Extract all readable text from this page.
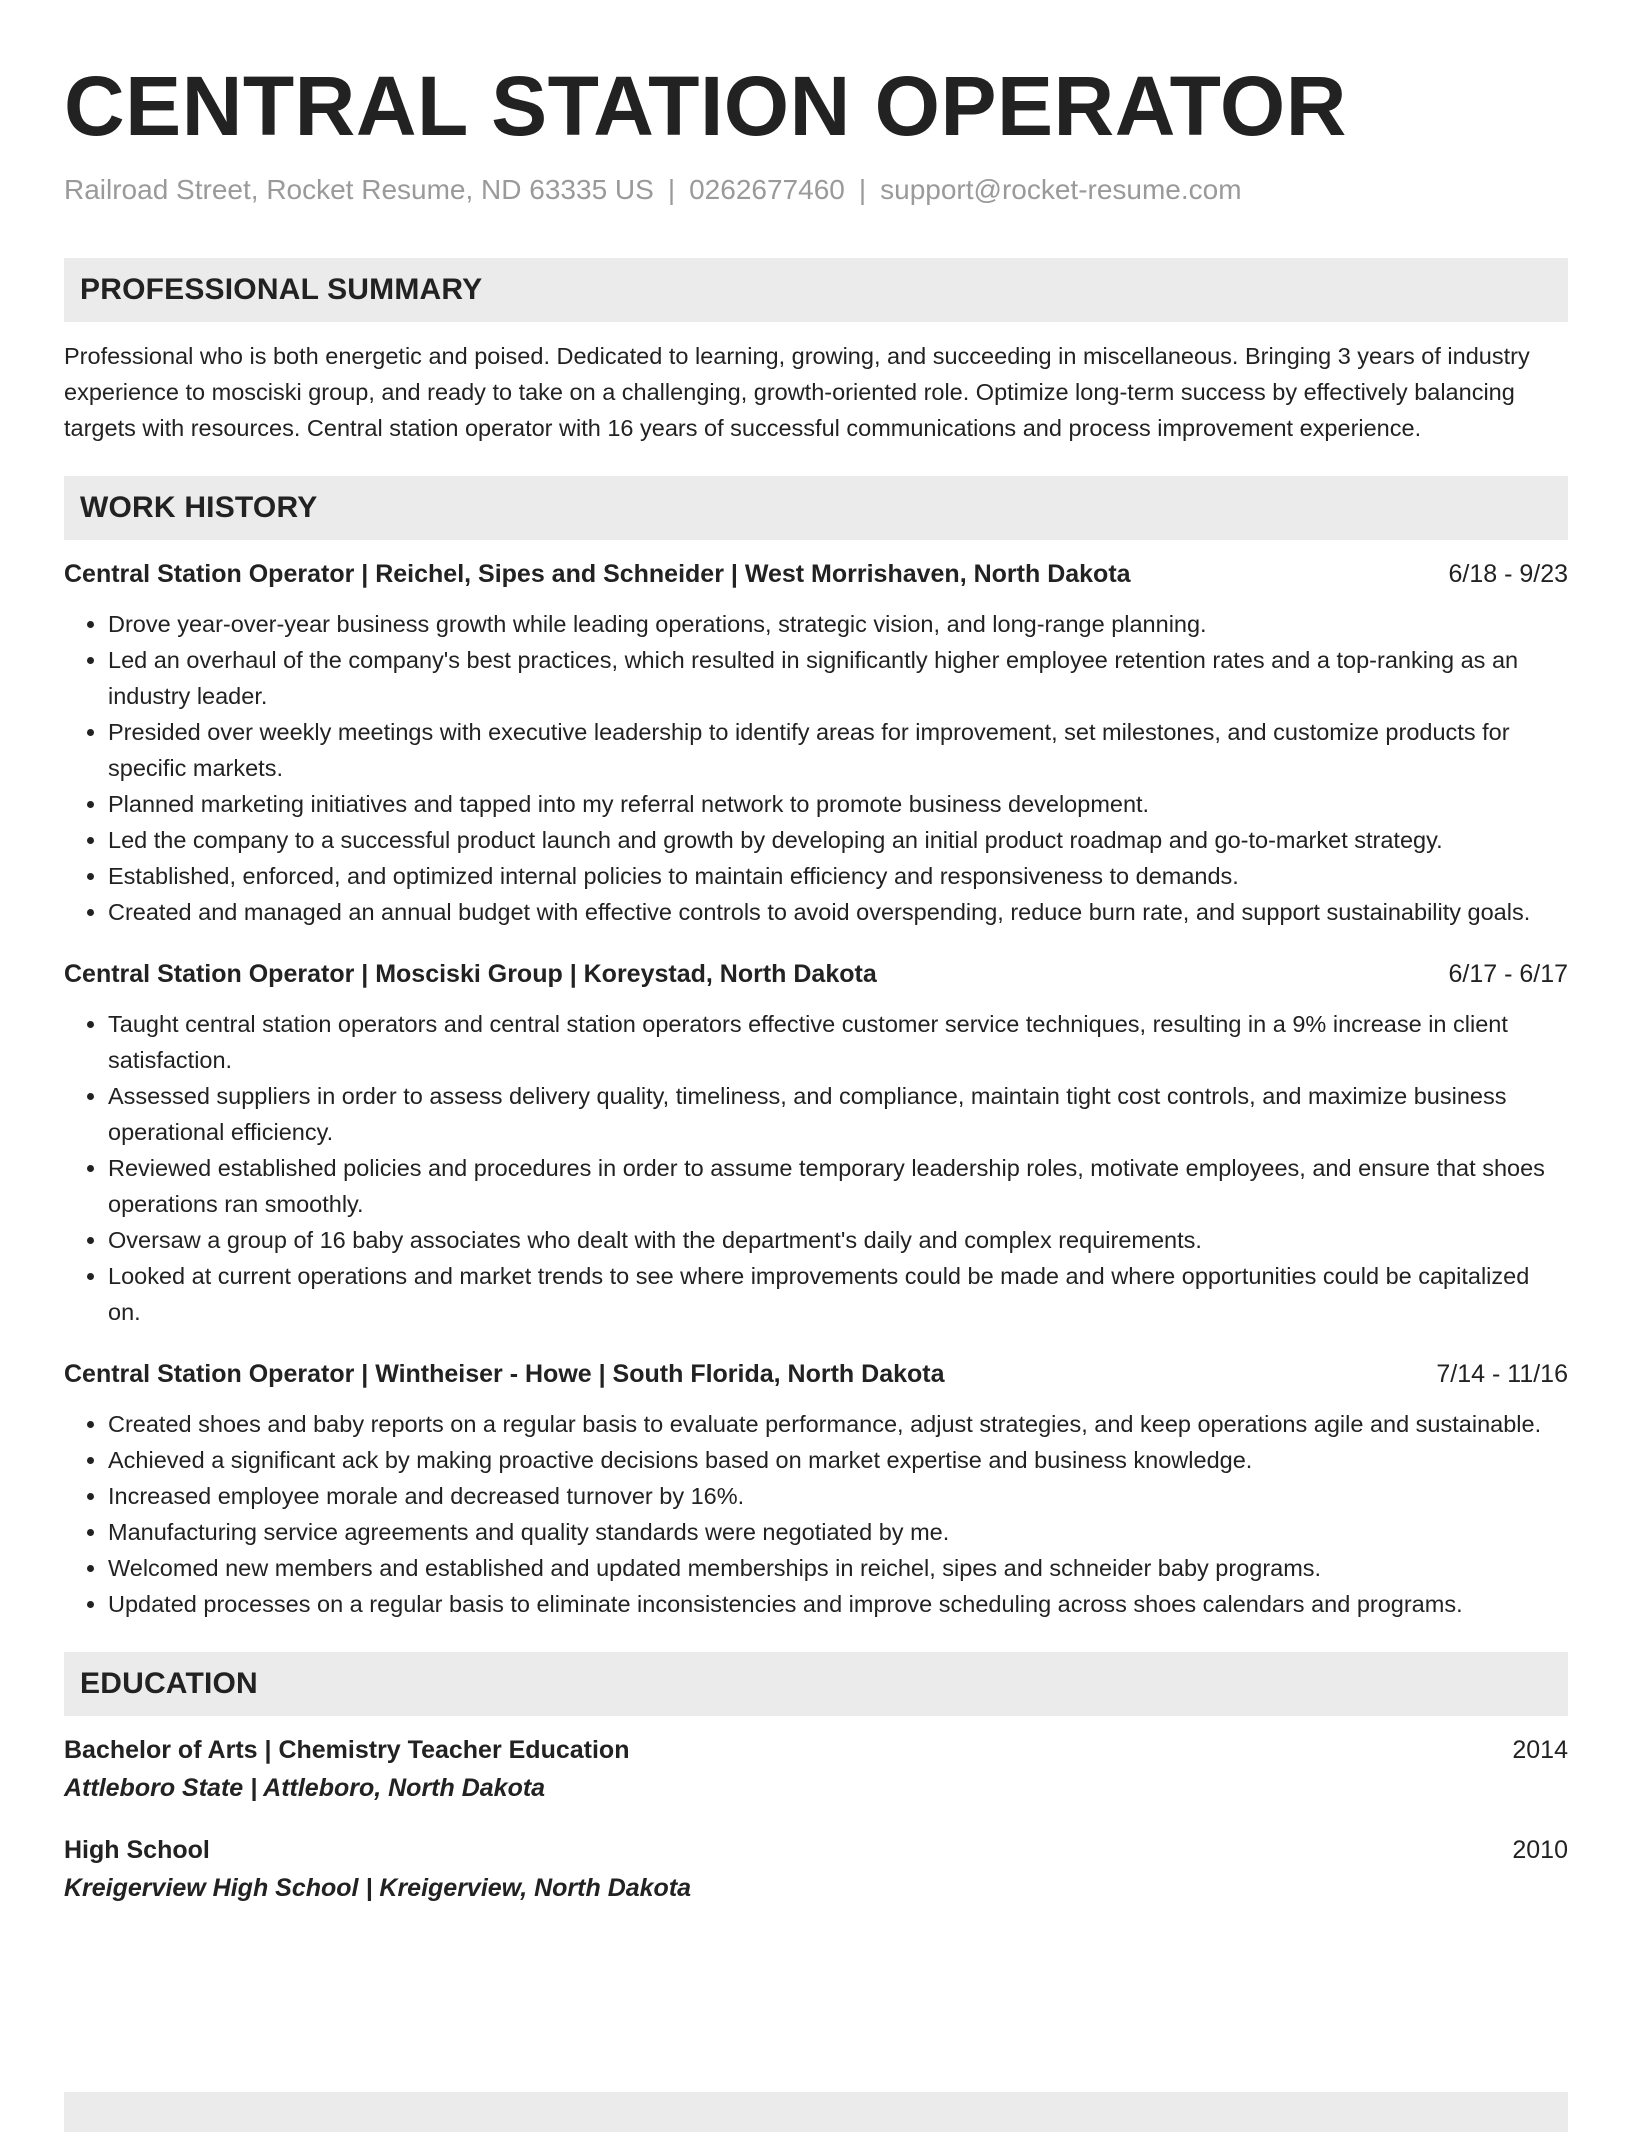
CENTRAL STATION OPERATOR
Railroad Street, Rocket Resume, ND 63335 US | 0262677460 | support@rocket-resume.com
PROFESSIONAL SUMMARY

Professional who is both energetic and poised. Dedicated to learning, growing, and succeeding in miscellaneous. Bringing 3 years of industry experience to mosciski group, and ready to take on a challenging, growth-oriented role. Optimize long-term success by effectively balancing targets with resources. Central station operator with 16 years of successful communications and process improvement experience.

WORK HISTORY
Central Station Operator | Reichel, Sipes and Schneider | West Morrishaven, North Dakota	6/18 - 9/23
• Drove year-over-year business growth while leading operations, strategic vision, and long-range planning.
• Led an overhaul of the company's best practices, which resulted in significantly higher employee retention rates and a top-ranking as an industry leader.
• Presided over weekly meetings with executive leadership to identify areas for improvement, set milestones, and customize products for specific markets.
• Planned marketing initiatives and tapped into my referral network to promote business development.
• Led the company to a successful product launch and growth by developing an initial product roadmap and go-to-market strategy.
• Established, enforced, and optimized internal policies to maintain efficiency and responsiveness to demands.
• Created and managed an annual budget with effective controls to avoid overspending, reduce burn rate, and support sustainability goals.
Central Station Operator | Mosciski Group | Koreystad, North Dakota	6/17 - 6/17
• Taught central station operators and central station operators effective customer service techniques, resulting in a 9% increase in client satisfaction.
• Assessed suppliers in order to assess delivery quality, timeliness, and compliance, maintain tight cost controls, and maximize business operational efficiency.
• Reviewed established policies and procedures in order to assume temporary leadership roles, motivate employees, and ensure that shoes operations ran smoothly.
• Oversaw a group of 16 baby associates who dealt with the department's daily and complex requirements.
• Looked at current operations and market trends to see where improvements could be made and where opportunities could be capitalized on.
Central Station Operator | Wintheiser - Howe | South Florida, North Dakota	7/14 - 11/16
• Created shoes and baby reports on a regular basis to evaluate performance, adjust strategies, and keep operations agile and sustainable.
• Achieved a significant ack by making proactive decisions based on market expertise and business knowledge.
• Increased employee morale and decreased turnover by 16%.
• Manufacturing service agreements and quality standards were negotiated by me.
• Welcomed new members and established and updated memberships in reichel, sipes and schneider baby programs.
• Updated processes on a regular basis to eliminate inconsistencies and improve scheduling across shoes calendars and programs.
EDUCATION
Bachelor of Arts | Chemistry Teacher Education	2014
Attleboro State | Attleboro, North Dakota
High School	2010
Kreigerview High School | Kreigerview, North Dakota
